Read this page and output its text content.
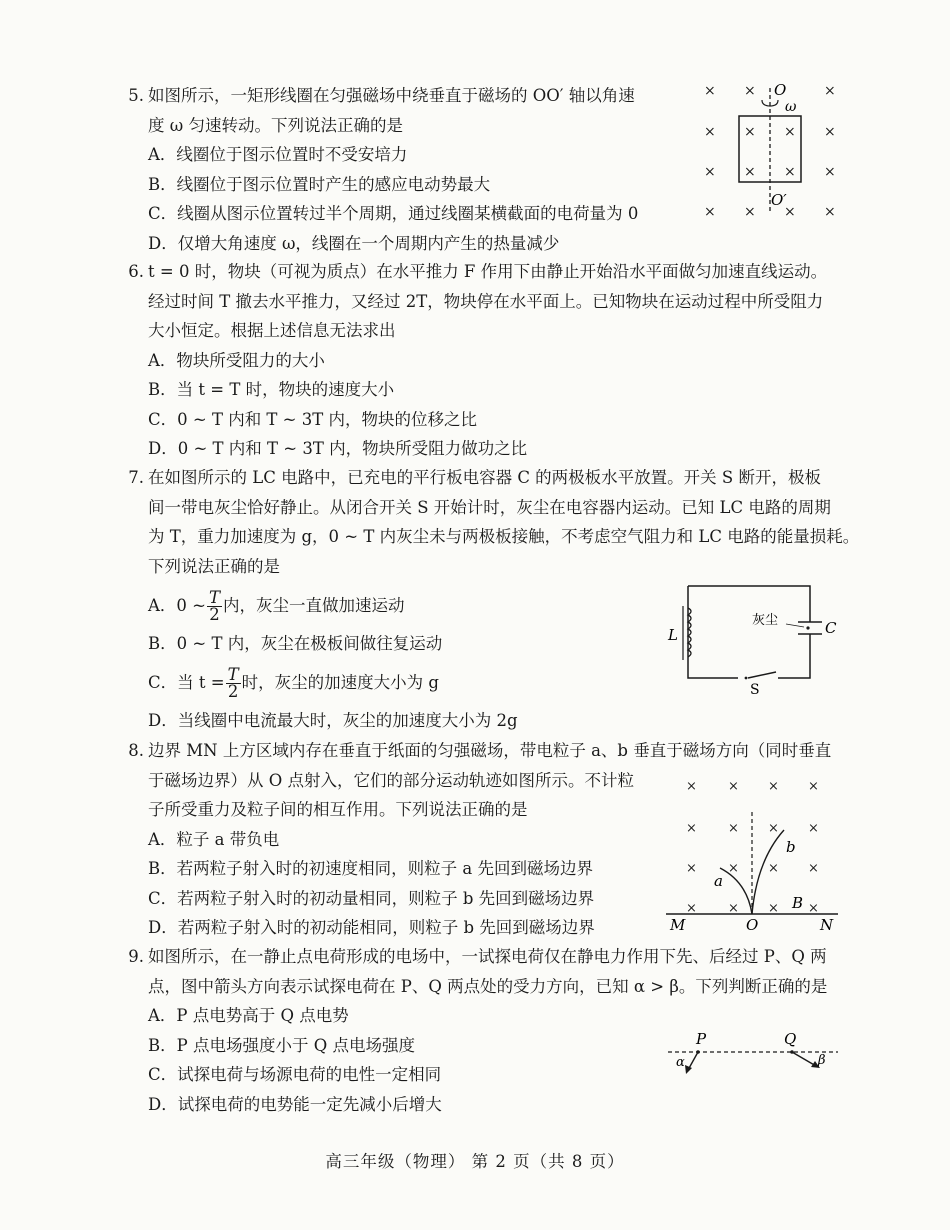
5. 如图所示，一矩形线圈在匀强磁场中绕垂直于磁场的 OO′ 轴以角速
度 ω 匀速转动。下列说法正确的是
A．线圈位于图示位置时不受安培力
B．线圈位于图示位置时产生的感应电动势最大
C．线圈从图示位置转过半个周期，通过线圈某横截面的电荷量为 0
D．仅增大角速度 ω，线圈在一个周期内产生的热量减少
× ×	×
× × × ×
× × × ×
× × × ×
O
ω
O′
6. t = 0 时，物块（可视为质点）在水平推力 F 作用下由静止开始沿水平面做匀加速直线运动。
经过时间 T 撤去水平推力，又经过 2T，物块停在水平面上。已知物块在运动过程中所受阻力
大小恒定。根据上述信息无法求出
A．物块所受阻力的大小
B．当 t = T 时，物块的速度大小
C．0 ~ T 内和 T ~ 3T 内，物块的位移之比
D．0 ~ T 内和 T ~ 3T 内，物块所受阻力做功之比
7. 在如图所示的 LC 电路中，已充电的平行板电容器 C 的两极板水平放置。开关 S 断开，极板
间一带电灰尘恰好静止。从闭合开关 S 开始计时，灰尘在电容器内运动。已知 LC 电路的周期
为 T，重力加速度为 g，0 ~ T 内灰尘未与两极板接触，不考虑空气阻力和 LC 电路的能量损耗。
下列说法正确的是
A．0 ~ $\frac{T}{2}$ 内，灰尘一直做加速运动
B．0 ~ T 内，灰尘在极板间做往复运动
C．当 $t = \frac{T}{2}$ 时，灰尘的加速度大小为 g
D．当线圈中电流最大时，灰尘的加速度大小为 2g
L
灰尘	C
S
8. 边界 MN 上方区域内存在垂直于纸面的匀强磁场，带电粒子 a、b 垂直于磁场方向（同时垂直
于磁场边界）从 O 点射入，它们的部分运动轨迹如图所示。不计粒
子所受重力及粒子间的相互作用。下列说法正确的是
A．粒子 a 带负电
B．若两粒子射入时的初速度相同，则粒子 a 先回到磁场边界
C．若两粒子射入时的初动量相同，则粒子 b 先回到磁场边界
D．若两粒子射入时的初动能相同，则粒子 b 先回到磁场边界
× × × ×
× × × ×
× × × ×
× × × ×
a
b
B
M	O	N
9. 如图所示，在一静止点电荷形成的电场中，一试探电荷仅在静电力作用下先、后经过 P、Q 两
点，图中箭头方向表示试探电荷在 P、Q 两点处的受力方向，已知 α > β。下列判断正确的是
A．P 点电势高于 Q 点电势
B．P 点电场强度小于 Q 点电场强度
C．试探电荷与场源电荷的电性一定相同
D．试探电荷的电势能一定先减小后增大
P	Q
α	β
高三年级（物理） 第 2 页（共 8 页）
